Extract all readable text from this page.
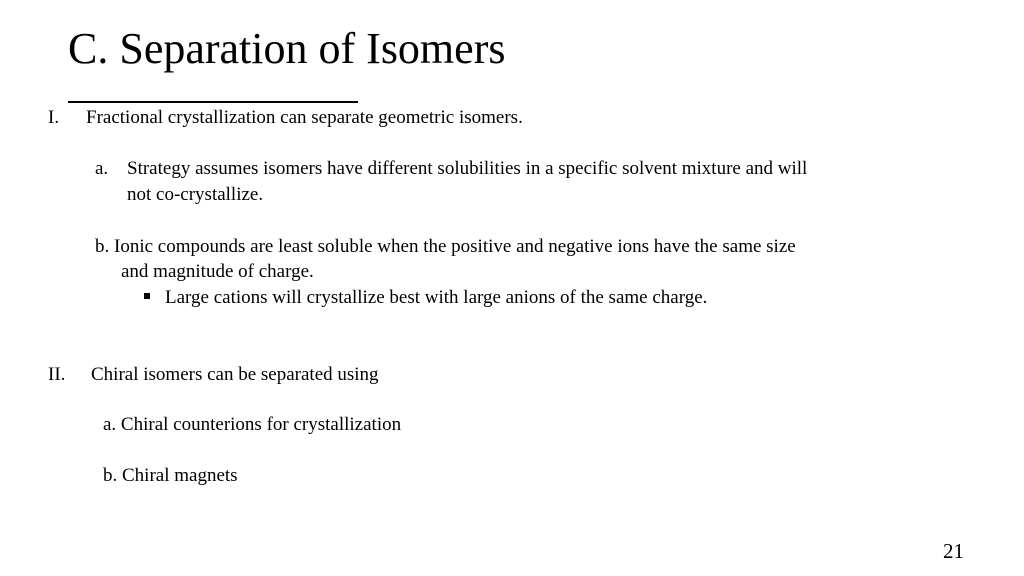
C. Separation of Isomers
I. Fractional crystallization can separate geometric isomers.
a. Strategy assumes isomers have different solubilities in a specific solvent mixture and will
not co-crystallize.
b. Ionic compounds are least soluble when the positive and negative ions have the same size
and magnitude of charge.
Large cations will crystallize best with large anions of the same charge.
II. Chiral isomers can be separated using
a. Chiral counterions for crystallization
b. Chiral magnets
21
